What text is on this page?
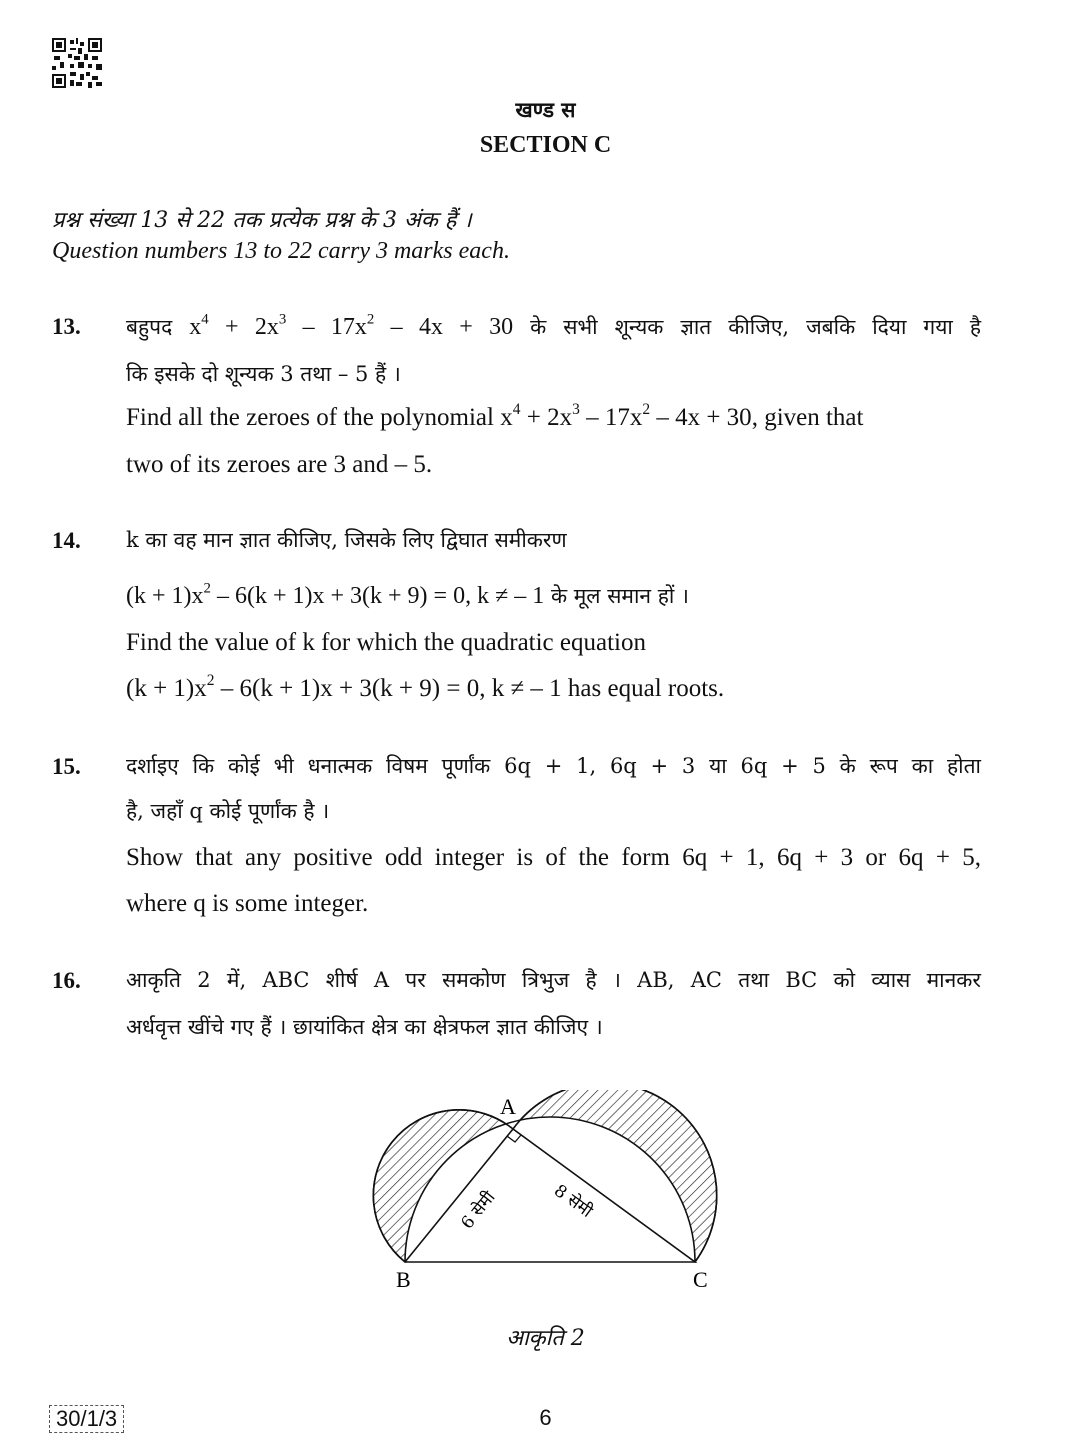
खण्ड स
SECTION C
प्रश्न संख्या 13 से 22 तक प्रत्येक प्रश्न के 3 अंक हैं ।
Question numbers 13 to 22 carry 3 marks each.
13. बहुपद $x^4 + 2x^3 - 17x^2 - 4x + 30$ के सभी शून्यक ज्ञात कीजिए, जबकि दिया गया है
कि इसके दो शून्यक 3 तथा – 5 हैं ।
Find all the zeroes of the polynomial $x^4 + 2x^3 - 17x^2 - 4x + 30$, given that
two of its zeroes are 3 and – 5.
14. k का वह मान ज्ञात कीजिए, जिसके लिए द्विघात समीकरण
$(k + 1)x^2 - 6(k + 1)x + 3(k + 9) = 0$, k ≠ – 1 के मूल समान हों ।
Find the value of k for which the quadratic equation
$(k + 1)x^2 - 6(k + 1)x + 3(k + 9) = 0$, k ≠ – 1 has equal roots.
15. दर्शाइए कि कोई भी धनात्मक विषम पूर्णांक 6q + 1, 6q + 3 या 6q + 5 के रूप का होता
है, जहाँ q कोई पूर्णांक है ।
Show that any positive odd integer is of the form 6q + 1, 6q + 3 or 6q + 5,
where q is some integer.
16. आकृति 2 में, ABC शीर्ष A पर समकोण त्रिभुज है । AB, AC तथा BC को व्यास मानकर
अर्धवृत्त खींचे गए हैं । छायांकित क्षेत्र का क्षेत्रफल ज्ञात कीजिए ।
A
B	C
6 सेमी	8 सेमी
आकृति 2
30/1/3	6
